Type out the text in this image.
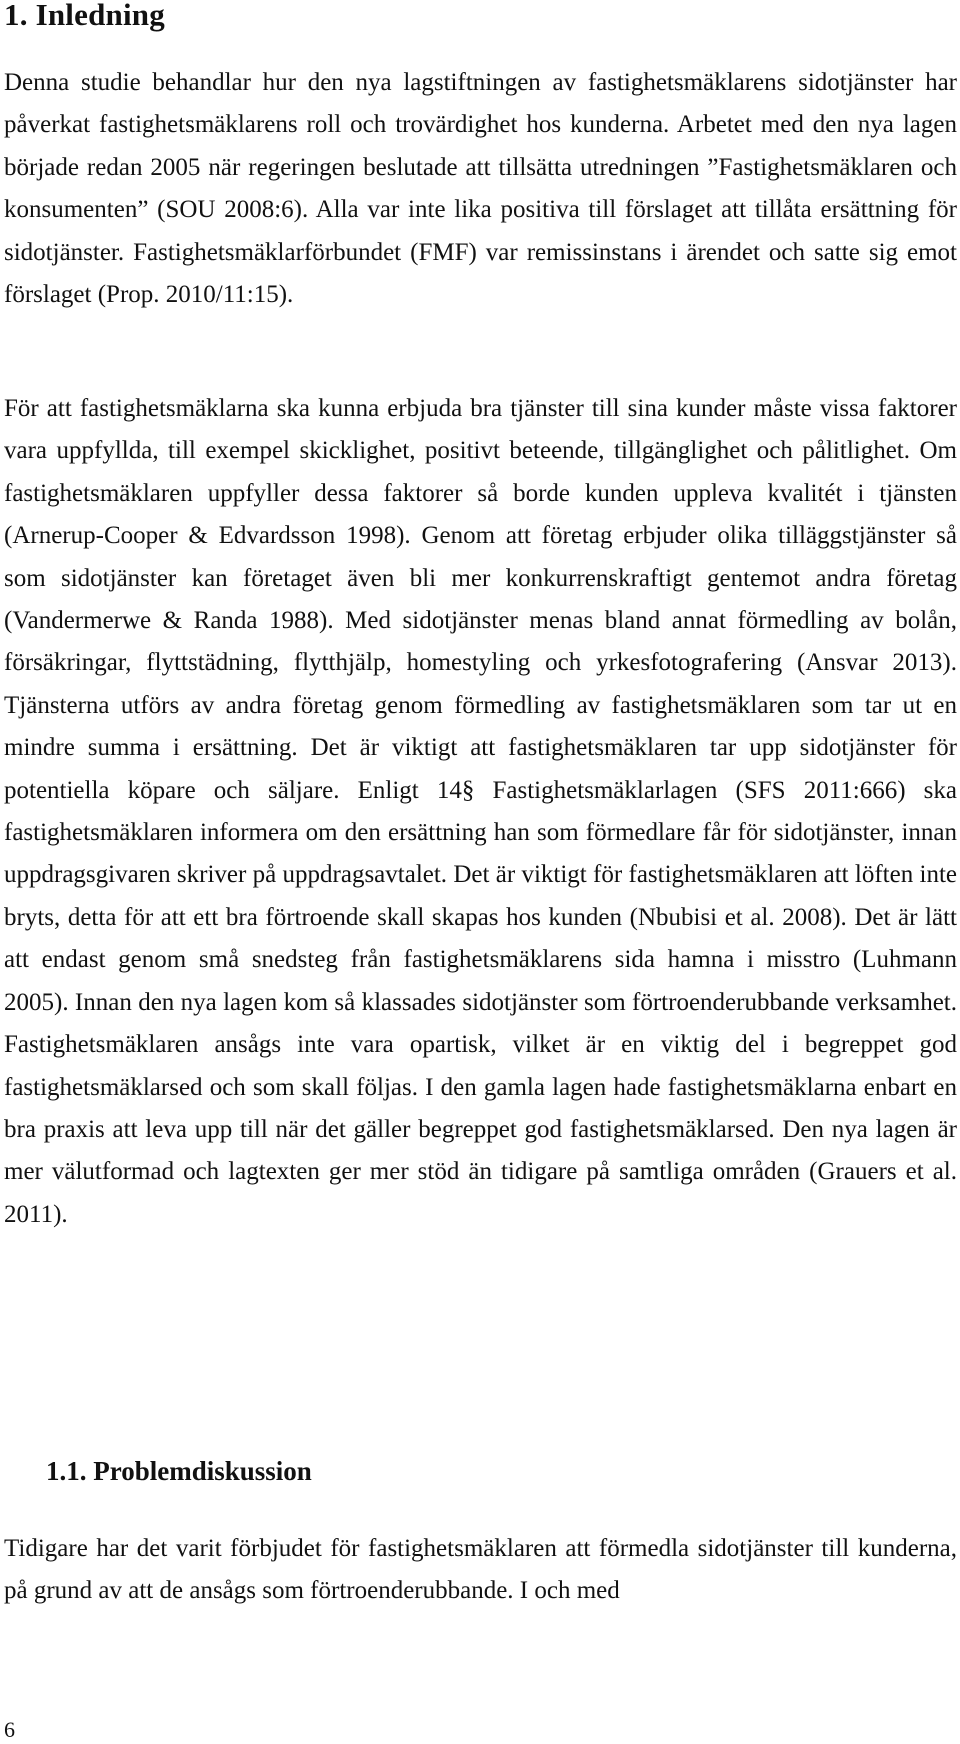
1. Inledning

Denna studie behandlar hur den nya lagstiftningen av fastighetsmäklarens sidotjänster har påverkat fastighetsmäklarens roll och trovärdighet hos kunderna. Arbetet med den nya lagen började redan 2005 när regeringen beslutade att tillsätta utredningen ”Fastighetsmäklaren och konsumenten” (SOU 2008:6). Alla var inte lika positiva till förslaget att tillåta ersättning för sidotjänster. Fastighetsmäklarförbundet (FMF) var remissinstans i ärendet och satte sig emot förslaget (Prop. 2010/11:15).

För att fastighetsmäklarna ska kunna erbjuda bra tjänster till sina kunder måste vissa faktorer vara uppfyllda, till exempel skicklighet, positivt beteende, tillgänglighet och pålitlighet. Om fastighetsmäklaren uppfyller dessa faktorer så borde kunden uppleva kvalitét i tjänsten (Arnerup-Cooper & Edvardsson 1998). Genom att företag erbjuder olika tilläggstjänster så som sidotjänster kan företaget även bli mer konkurrenskraftigt gentemot andra företag (Vandermerwe & Randa 1988). Med sidotjänster menas bland annat förmedling av bolån, försäkringar, flyttstädning, flytthjälp, homestyling och yrkesfotografering (Ansvar 2013). Tjänsterna utförs av andra företag genom förmedling av fastighetsmäklaren som tar ut en mindre summa i ersättning. Det är viktigt att fastighetsmäklaren tar upp sidotjänster för potentiella köpare och säljare. Enligt 14§ Fastighetsmäklarlagen (SFS 2011:666) ska fastighetsmäklaren informera om den ersättning han som förmedlare får för sidotjänster, innan uppdragsgivaren skriver på uppdragsavtalet. Det är viktigt för fastighetsmäklaren att löften inte bryts, detta för att ett bra förtroende skall skapas hos kunden (Nbubisi et al. 2008). Det är lätt att endast genom små snedsteg från fastighetsmäklarens sida hamna i misstro (Luhmann 2005). Innan den nya lagen kom så klassades sidotjänster som förtroenderubbande verksamhet. Fastighetsmäklaren ansågs inte vara opartisk, vilket är en viktig del i begreppet god fastighetsmäklarsed och som skall följas. I den gamla lagen hade fastighetsmäklarna enbart en bra praxis att leva upp till när det gäller begreppet god fastighetsmäklarsed. Den nya lagen är mer välutformad och lagtexten ger mer stöd än tidigare på samtliga områden (Grauers et al. 2011).

1.1. Problemdiskussion

Tidigare har det varit förbjudet för fastighetsmäklaren att förmedla sidotjänster till kunderna, på grund av att de ansågs som förtroenderubbande. I och med

6
